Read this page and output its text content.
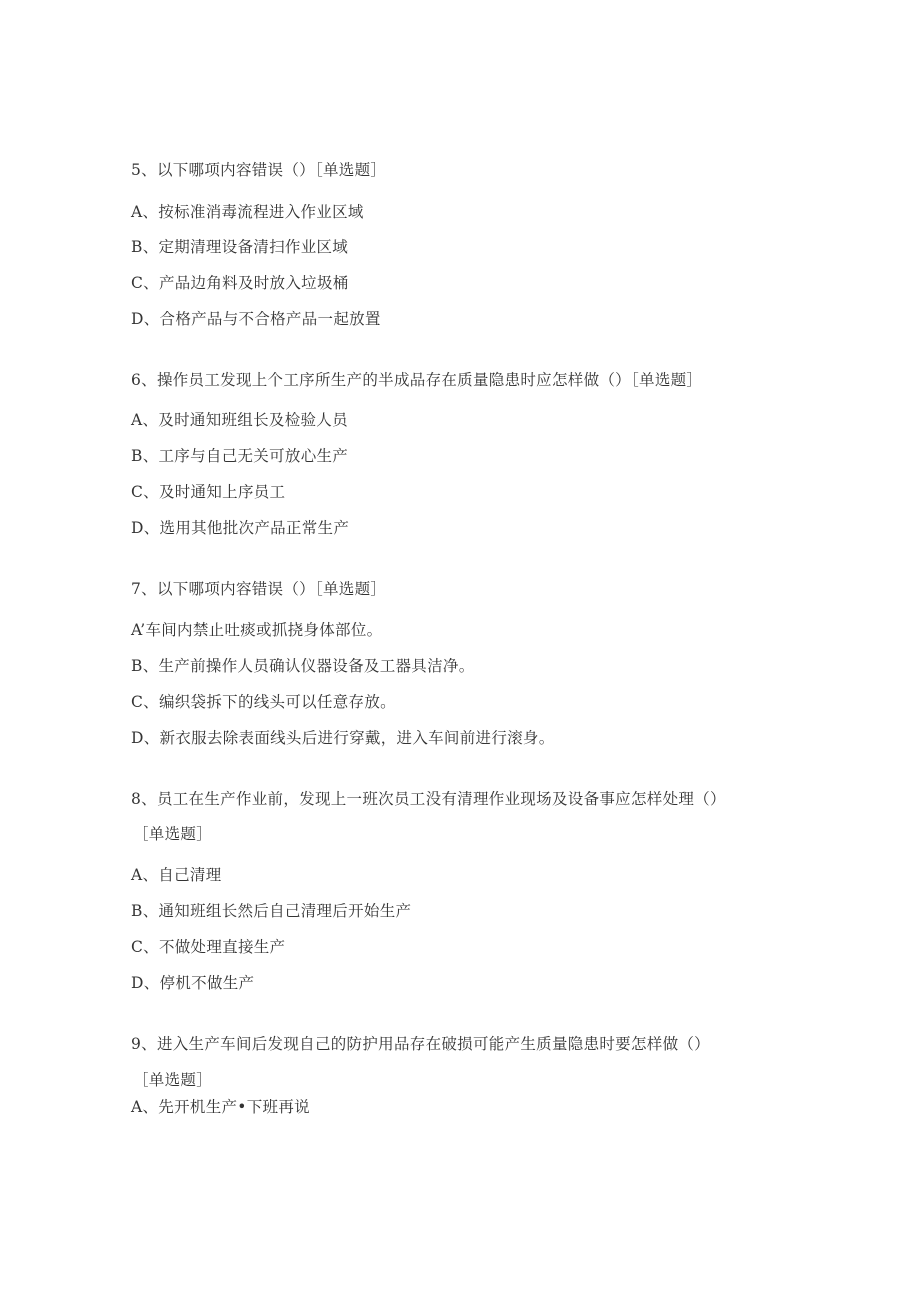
5、以下哪项内容错误（）［单选题］
A、按标准消毒流程进入作业区域
B、定期清理设备清扫作业区域
C、产品边角料及时放入垃圾桶
D、合格产品与不合格产品一起放置
6、操作员工发现上个工序所生产的半成品存在质量隐患时应怎样做（）［单选题］
A、及时通知班组长及检验人员
B、工序与自己无关可放心生产
C、及时通知上序员工
D、选用其他批次产品正常生产
7、以下哪项内容错误（）［单选题］
A’车间内禁止吐痰或抓挠身体部位。
B、生产前操作人员确认仪器设备及工器具洁净。
C、编织袋拆下的线头可以任意存放。
D、新衣服去除表面线头后进行穿戴，进入车间前进行滚身。
8、员工在生产作业前，发现上一班次员工没有清理作业现场及设备事应怎样处理（）
［单选题］
A、自己清理
B、通知班组长然后自己清理后开始生产
C、不做处理直接生产
D、停机不做生产
9、进入生产车间后发现自己的防护用品存在破损可能产生质量隐患时要怎样做（）
［单选题］
A、先开机生产•下班再说
